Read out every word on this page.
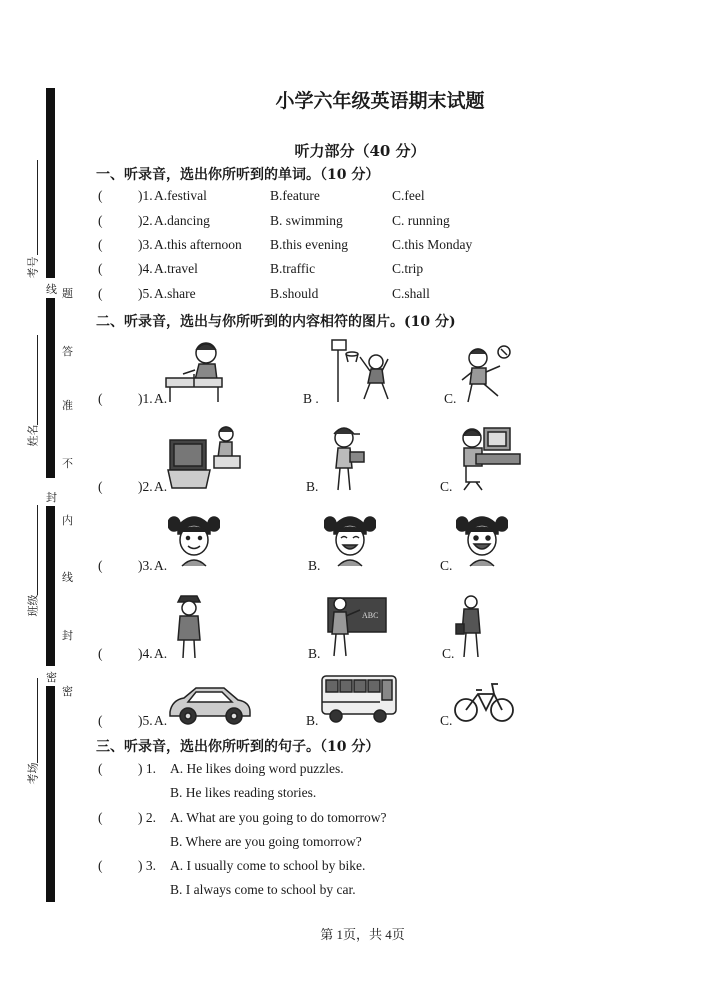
考号
姓名
班级
考场
线
封
密
题
答
准
不
内
线
封
密
小学六年级英语期末试题
听力部分（40 分）
一、听录音，选出你所听到的单词。（10 分）
(	)1. A.festival	B.feature	C.feel
(	)2. A.dancing	B. swimming	C. running
(	)3. A.this afternoon B.this evening	C.this Monday
(	)4. A.travel	B.traffic	C.trip
(	)5. A.share	B.should	C.shall
二、听录音，选出与你所听到的内容相符的图片。(10 分)
(	)1. A.	B .	C.
(	)2. A.	B.	C.
(	)3. A.	B.	C.
(	)4. A.	B.	C.
ABC
(	)5. A.	B.	C.
三、听录音，选出你所听到的句子。（10 分）
(	) 1. A. He likes doing word puzzles.
B. He likes reading stories.
(	) 2. A. What are you going to do tomorrow?
B. Where are you going tomorrow?
(	) 3. A. I usually come to school by bike.
B. I always come to school by car.
第 1页，共 4页
